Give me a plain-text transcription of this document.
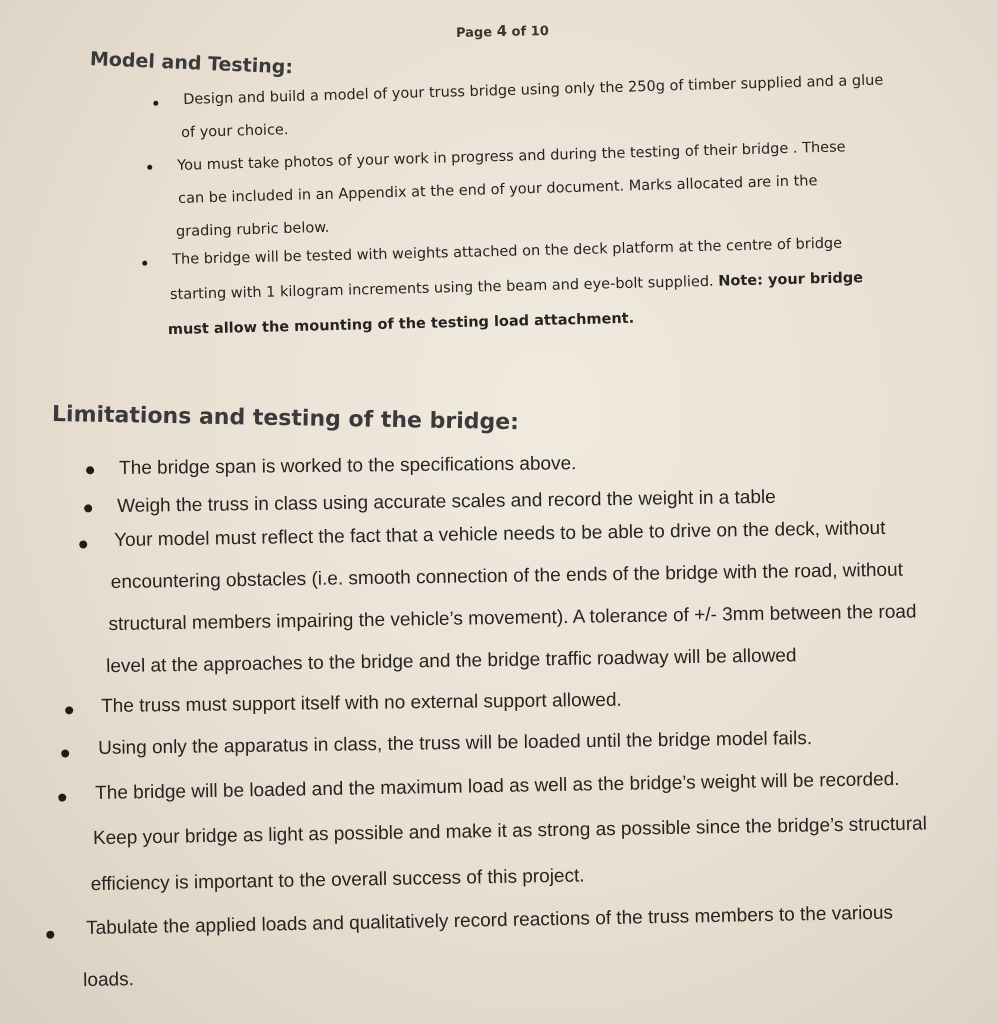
Page 4 of 10
Model and Testing:
Design and build a model of your truss bridge using only the 250g of timber supplied and a glue
of your choice.
You must take photos of your work in progress and during the testing of their bridge . These
can be included in an Appendix at the end of your document. Marks allocated are in the
grading rubric below.
The bridge will be tested with weights attached on the deck platform at the centre of bridge
starting with 1 kilogram increments using the beam and eye-bolt supplied. Note: your bridge
must allow the mounting of the testing load attachment.
Limitations and testing of the bridge:
The bridge span is worked to the specifications above.
Weigh the truss in class using accurate scales and record the weight in a table
Your model must reflect the fact that a vehicle needs to be able to drive on the deck, without
encountering obstacles (i.e. smooth connection of the ends of the bridge with the road, without
structural members impairing the vehicle’s movement). A tolerance of +/- 3mm between the road
level at the approaches to the bridge and the bridge traffic roadway will be allowed
The truss must support itself with no external support allowed.
Using only the apparatus in class, the truss will be loaded until the bridge model fails.
The bridge will be loaded and the maximum load as well as the bridge’s weight will be recorded.
Keep your bridge as light as possible and make it as strong as possible since the bridge’s structural
efficiency is important to the overall success of this project.
Tabulate the applied loads and qualitatively record reactions of the truss members to the various
loads.
